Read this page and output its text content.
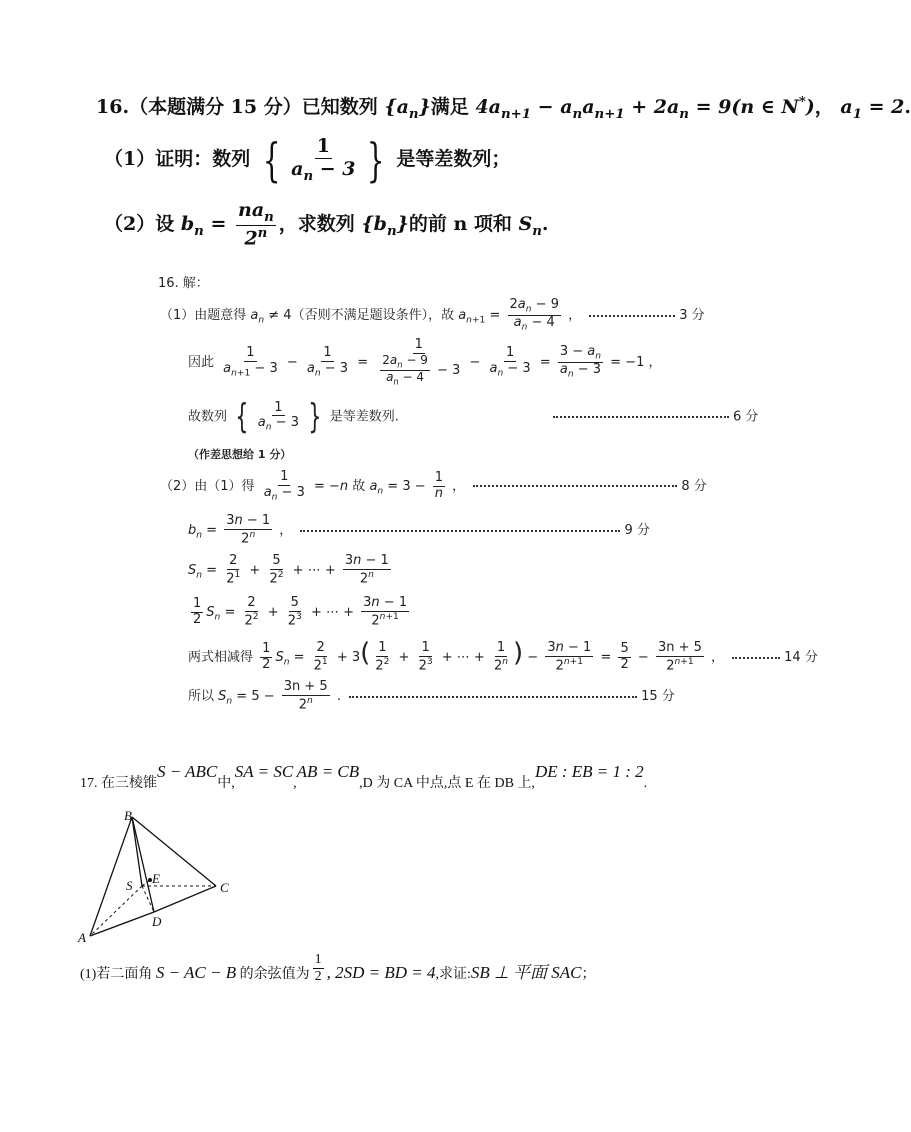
16.（本题满分 15 分）已知数列 $\{a_n\}$满足 $4a_{n+1} - a_na_{n+1} + 2a_n = 9(n$ ∈ N*)， $a_1 = 2$.
（1）证明：数列 { $\frac{1}{a_n - 3}$ } 是等差数列；
（2）设 $b_n = \frac{na_n}{2^n}$ ，求数列 $\{b_n\}$的前 n 项和 $S_n$.
16. 解：
（1）由题意得 $a_n \ne 4$（否则不满足题设条件），故 $a_{n+1} = \frac{2a_n - 9}{a_n - 4}$ ，	3 分
因此 $\frac{1}{a_{n+1} - 3} - \frac{1}{a_n - 3} = \frac{1}{\frac{2a_n - 9}{a_n - 4} - 3} - \frac{1}{a_n - 3} = \frac{3 - a_n}{a_n - 3} = -1$ ，
故数列 { $\frac{1}{a_n - 3}$ } 是等差数列.	6 分
（作差思想给 1 分）
（2）由（1）得 $\frac{1}{a_n - 3} = -n$ 故 $a_n = 3 - \frac{1}{n}$ ，	8 分
$b_n = \frac{3n - 1}{2^n}$ ，	9 分
$S_n = \frac{2}{2^1} + \frac{5}{2^2}$ + ⋯ + $\frac{3n - 1}{2^n}$
$\frac{1}{2} S_n = \frac{2}{2^2} + \frac{5}{2^3}$ + ⋯ + $\frac{3n - 1}{2^{n+1}}$
两式相减得 $\frac{1}{2} S_n = \frac{2}{2^1} + 3( \frac{1}{2^2} + \frac{1}{2^3}$ + ⋯ + $\frac{1}{2^n}$ ) − $\frac{3n - 1}{2^{n+1}} = \frac{5}{2} - \frac{3n + 5}{2^{n+1}}$ ，	14 分
所以 $S_n = 5 - \frac{3n + 5}{2^n}$ .	15 分
17. 在三棱锥S − ABC中,SA = SC,AB = CB,D 为 CA 中点,点 E 在 DB 上,DE : EB = 1 : 2.
B
S E
C
D
A
(1)若二面角 S − AC − B 的余弦值为 $\frac{1}{2}$ , 2SD = BD = 4,求证:SB ⊥ 平面 SAC；
